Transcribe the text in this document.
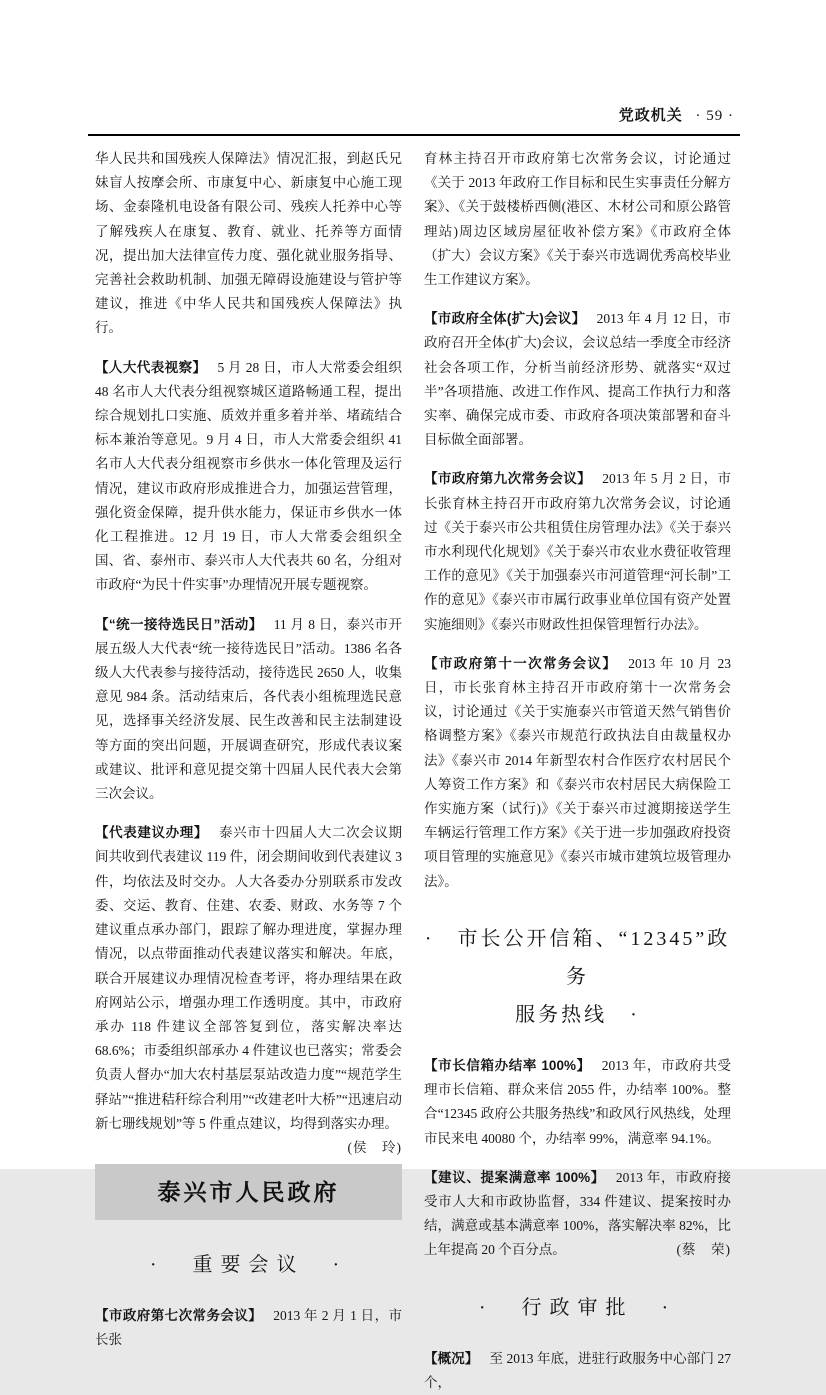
党政机关 · 59 ·

华人民共和国残疾人保障法》情况汇报，到赵氏兄妹盲人按摩会所、市康复中心、新康复中心施工现场、金泰隆机电设备有限公司、残疾人托养中心等了解残疾人在康复、教育、就业、托养等方面情况，提出加大法律宣传力度、强化就业服务指导、完善社会救助机制、加强无障碍设施建设与管护等建议，推进《中华人民共和国残疾人保障法》执行。

【人大代表视察】 5 月 28 日，市人大常委会组织 48 名市人大代表分组视察城区道路畅通工程，提出综合规划扎口实施、质效并重多着并举、堵疏结合标本兼治等意见。9 月 4 日，市人大常委会组织 41 名市人大代表分组视察市乡供水一体化管理及运行情况，建议市政府形成推进合力，加强运营管理，强化资金保障，提升供水能力，保证市乡供水一体化工程推进。12 月 19 日，市人大常委会组织全国、省、泰州市、泰兴市人大代表共 60 名，分组对市政府“为民十件实事”办理情况开展专题视察。

【“统一接待选民日”活动】 11 月 8 日，泰兴市开展五级人大代表“统一接待选民日”活动。1386 名各级人大代表参与接待活动，接待选民 2650 人，收集意见 984 条。活动结束后，各代表小组梳理选民意见，选择事关经济发展、民生改善和民主法制建设等方面的突出问题，开展调查研究，形成代表议案或建议、批评和意见提交第十四届人民代表大会第三次会议。

【代表建议办理】 泰兴市十四届人大二次会议期间共收到代表建议 119 件，闭会期间收到代表建议 3 件，均依法及时交办。人大各委办分别联系市发改委、交运、教育、住建、农委、财政、水务等 7 个建议重点承办部门，跟踪了解办理进度，掌握办理情况，以点带面推动代表建议落实和解决。年底，联合开展建议办理情况检查考评，将办理结果在政府网站公示，增强办理工作透明度。其中，市政府承办 118 件建议全部答复到位，落实解决率达 68.6%；市委组织部承办 4 件建议也已落实；常委会负责人督办“加大农村基层泵站改造力度”“规范学生驿站”“推进秸秆综合利用”“改建老叶大桥”“迅速启动新七珊线规划”等 5 件重点建议，均得到落实办理。
(侯　玲)

泰兴市人民政府
·　重要会议　·

【市政府第七次常务会议】 2013 年 2 月 1 日，市长张

育林主持召开市政府第七次常务会议，讨论通过《关于 2013 年政府工作目标和民生实事责任分解方案》、《关于鼓楼桥西侧(港区、木材公司和原公路管理站)周边区域房屋征收补偿方案》《市政府全体（扩大）会议方案》《关于泰兴市选调优秀高校毕业生工作建议方案》。

【市政府全体(扩大)会议】 2013 年 4 月 12 日，市政府召开全体(扩大)会议，会议总结一季度全市经济社会各项工作，分析当前经济形势、就落实“双过半”各项措施、改进工作作风、提高工作执行力和落实率、确保完成市委、市政府各项决策部署和奋斗目标做全面部署。

【市政府第九次常务会议】 2013 年 5 月 2 日，市长张育林主持召开市政府第九次常务会议，讨论通过《关于泰兴市公共租赁住房管理办法》《关于泰兴市水利现代化规划》《关于泰兴市农业水费征收管理工作的意见》《关于加强泰兴市河道管理“河长制”工作的意见》《泰兴市市属行政事业单位国有资产处置实施细则》《泰兴市财政性担保管理暂行办法》。

【市政府第十一次常务会议】 2013 年 10 月 23 日，市长张育林主持召开市政府第十一次常务会议，讨论通过《关于实施泰兴市管道天然气销售价格调整方案》《泰兴市规范行政执法自由裁量权办法》《泰兴市 2014 年新型农村合作医疗农村居民个人筹资工作方案》和《泰兴市农村居民大病保险工作实施方案（试行)》《关于泰兴市过渡期接送学生车辆运行管理工作方案》《关于进一步加强政府投资项目管理的实施意见》《泰兴市城市建筑垃圾管理办法》。

·　市长公开信箱、“12345”政务
服务热线　·

【市长信箱办结率 100%】 2013 年，市政府共受理市长信箱、群众来信 2055 件，办结率 100%。整合“12345 政府公共服务热线”和政风行风热线，处理市民来电 40080 个，办结率 99%，满意率 94.1%。

【建议、提案满意率 100%】 2013 年，市政府接受市人大和市政协监督，334 件建议、提案按时办结，满意或基本满意率 100%，落实解决率 82%，比上年提高 20 个百分点。	(蔡　荣)

·　行政审批　·

【概况】 至 2013 年底，进驻行政服务中心部门 27 个，
